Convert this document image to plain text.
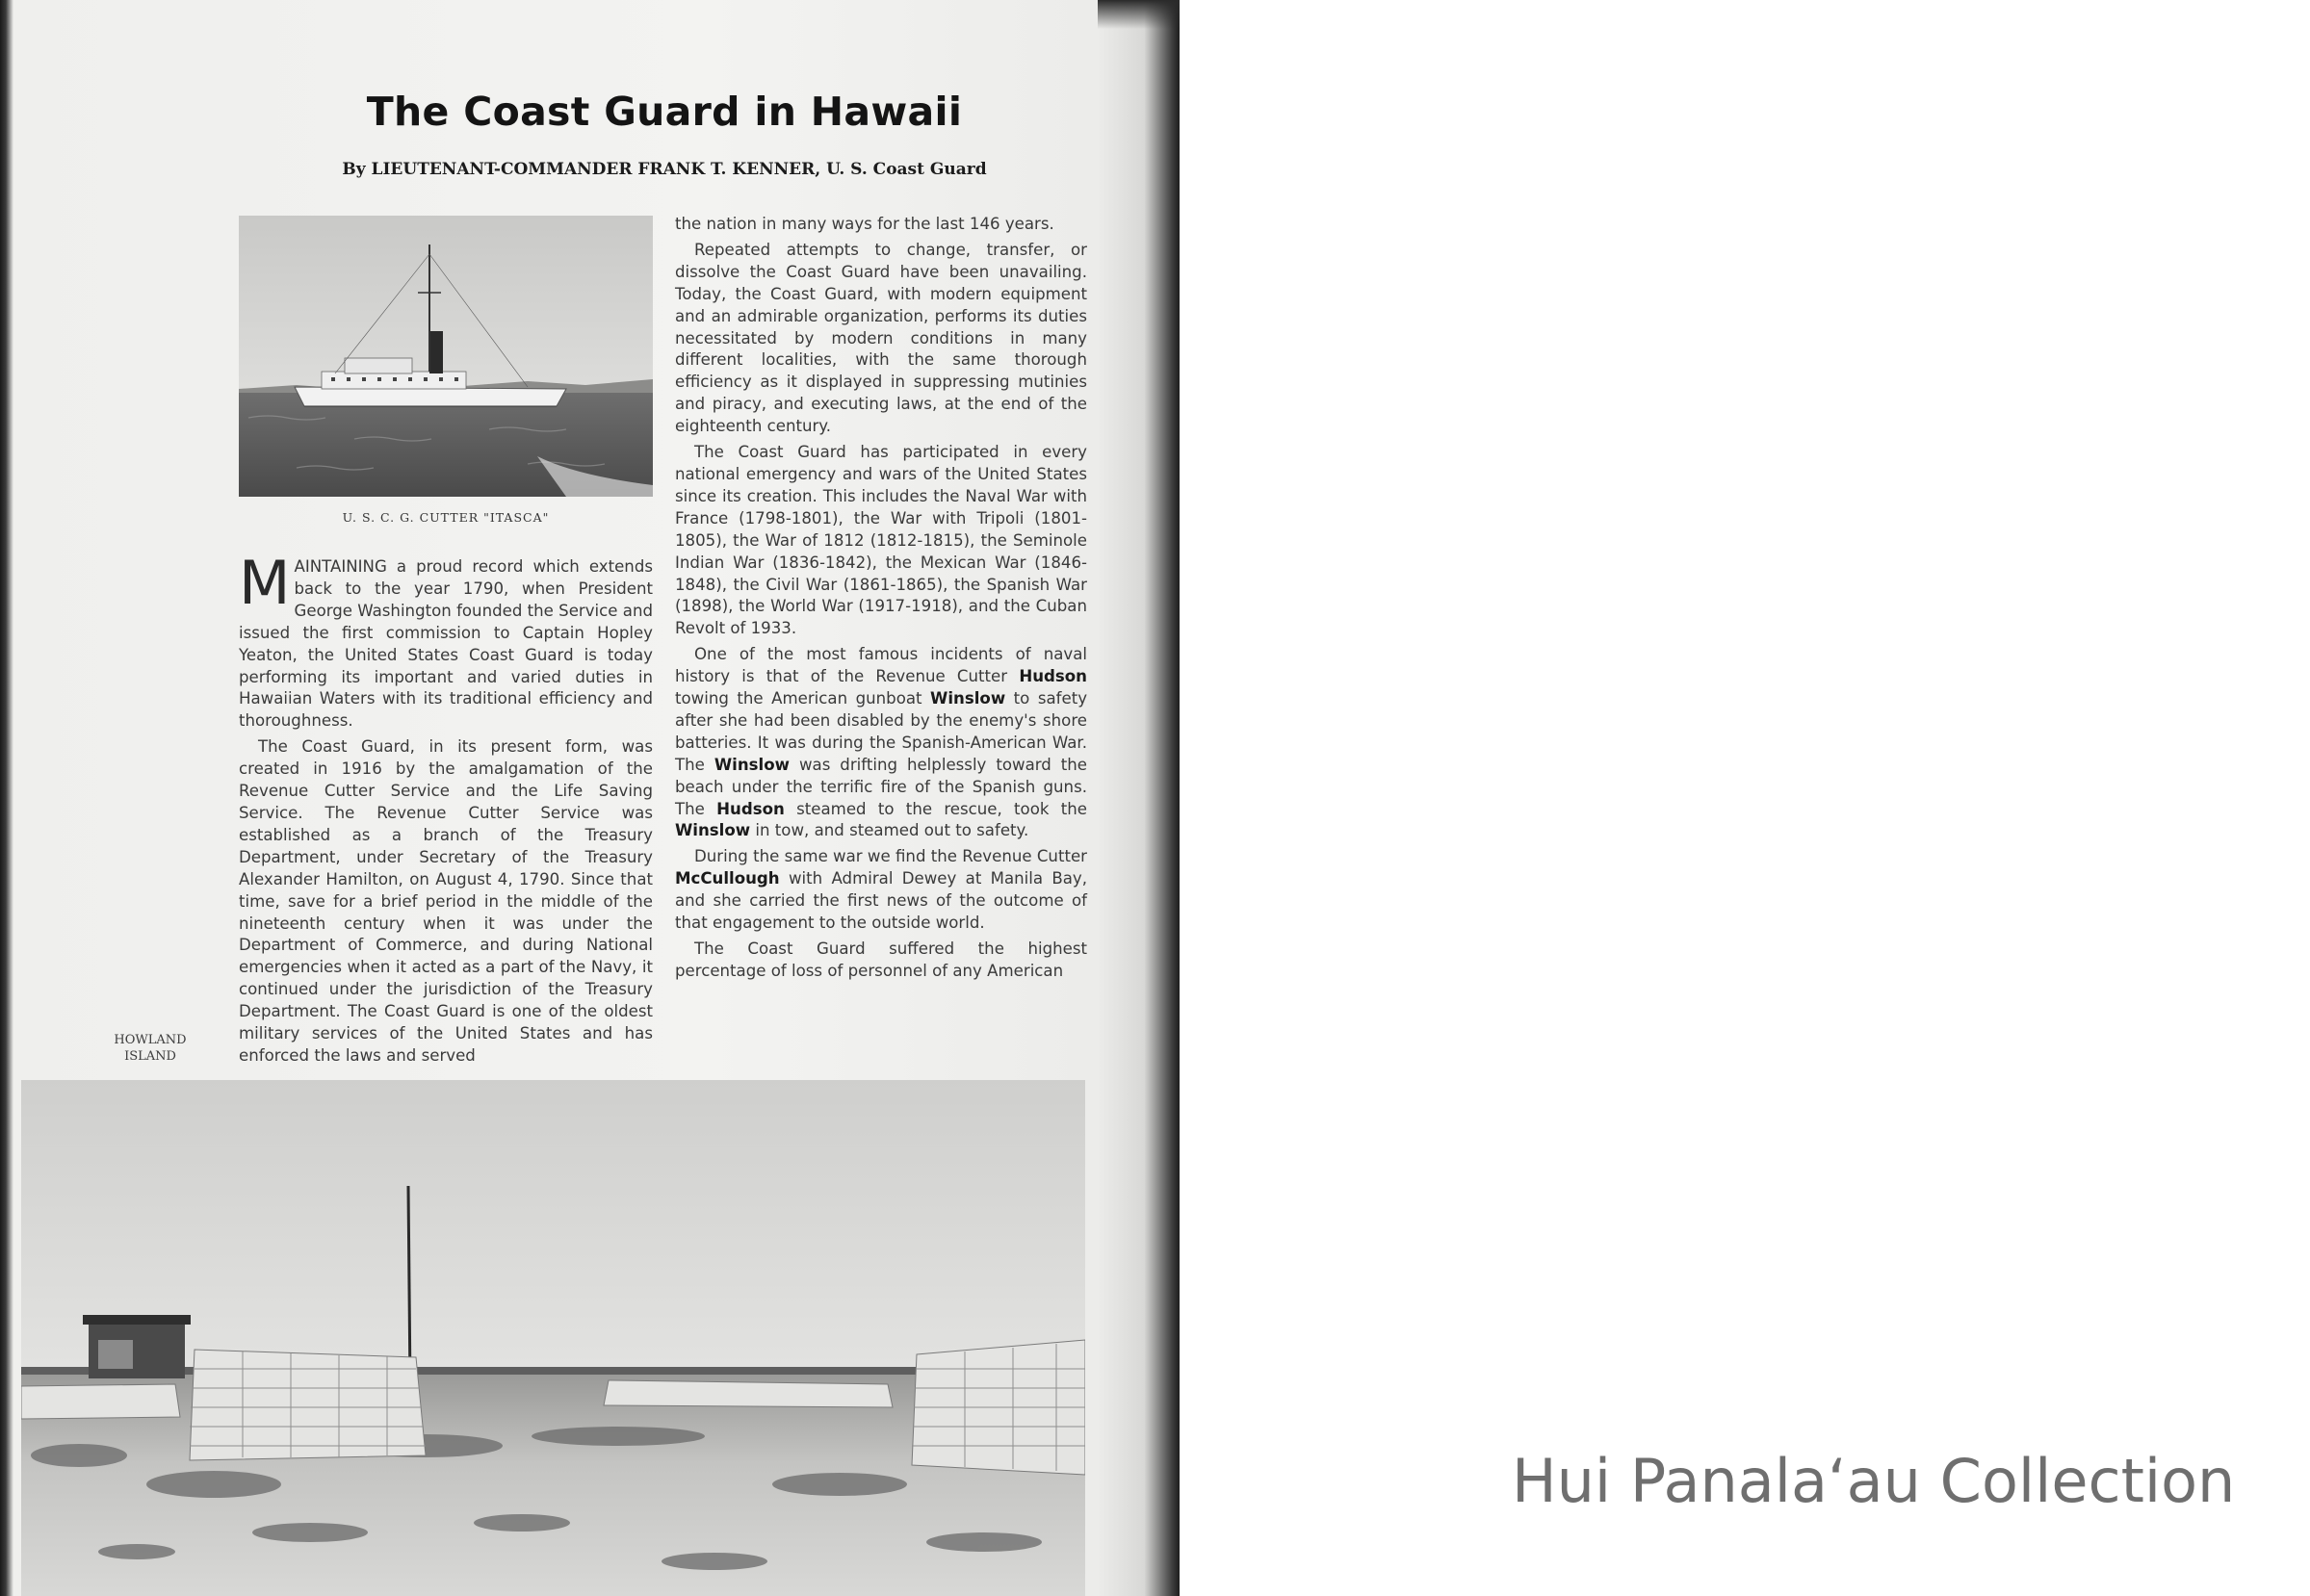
The Coast Guard in Hawaii
By LIEUTENANT-COMMANDER FRANK T. KENNER, U. S. Coast Guard
U. S. C. G. CUTTER "ITASCA"

MAINTAINING a proud record which extends back to the year 1790, when President George Washington founded the Service and issued the first commission to Captain Hopley Yeaton, the United States Coast Guard is today performing its important and varied duties in Hawaiian Waters with its traditional efficiency and thoroughness.

The Coast Guard, in its present form, was created in 1916 by the amalgamation of the Revenue Cutter Service and the Life Saving Service. The Revenue Cutter Service was established as a branch of the Treasury Department, under Secretary of the Treasury Alexander Hamilton, on August 4, 1790. Since that time, save for a brief period in the middle of the nineteenth century when it was under the Department of Commerce, and during National emergencies when it acted as a part of the Navy, it continued under the jurisdiction of the Treasury Department. The Coast Guard is one of the oldest military services of the United States and has enforced the laws and served

the nation in many ways for the last 146 years.

Repeated attempts to change, transfer, or dissolve the Coast Guard have been unavailing. Today, the Coast Guard, with modern equipment and an admirable organization, performs its duties necessitated by modern conditions in many different localities, with the same thorough efficiency as it displayed in suppressing mutinies and piracy, and executing laws, at the end of the eighteenth century.

The Coast Guard has participated in every national emergency and wars of the United States since its creation. This includes the Naval War with France (1798-1801), the War with Tripoli (1801-1805), the War of 1812 (1812-1815), the Seminole Indian War (1836-1842), the Mexican War (1846-1848), the Civil War (1861-1865), the Spanish War (1898), the World War (1917-1918), and the Cuban Revolt of 1933.

One of the most famous incidents of naval history is that of the Revenue Cutter Hudson towing the American gunboat Winslow to safety after she had been disabled by the enemy's shore batteries. It was during the Spanish-American War. The Winslow was drifting helplessly toward the beach under the terrific fire of the Spanish guns. The Hudson steamed to the rescue, took the Winslow in tow, and steamed out to safety.

During the same war we find the Revenue Cutter McCullough with Admiral Dewey at Manila Bay, and she carried the first news of the outcome of that engagement to the outside world.

The Coast Guard suffered the highest percentage of loss of personnel of any American

HOWLAND
ISLAND
Hui Panala‘au Collection
